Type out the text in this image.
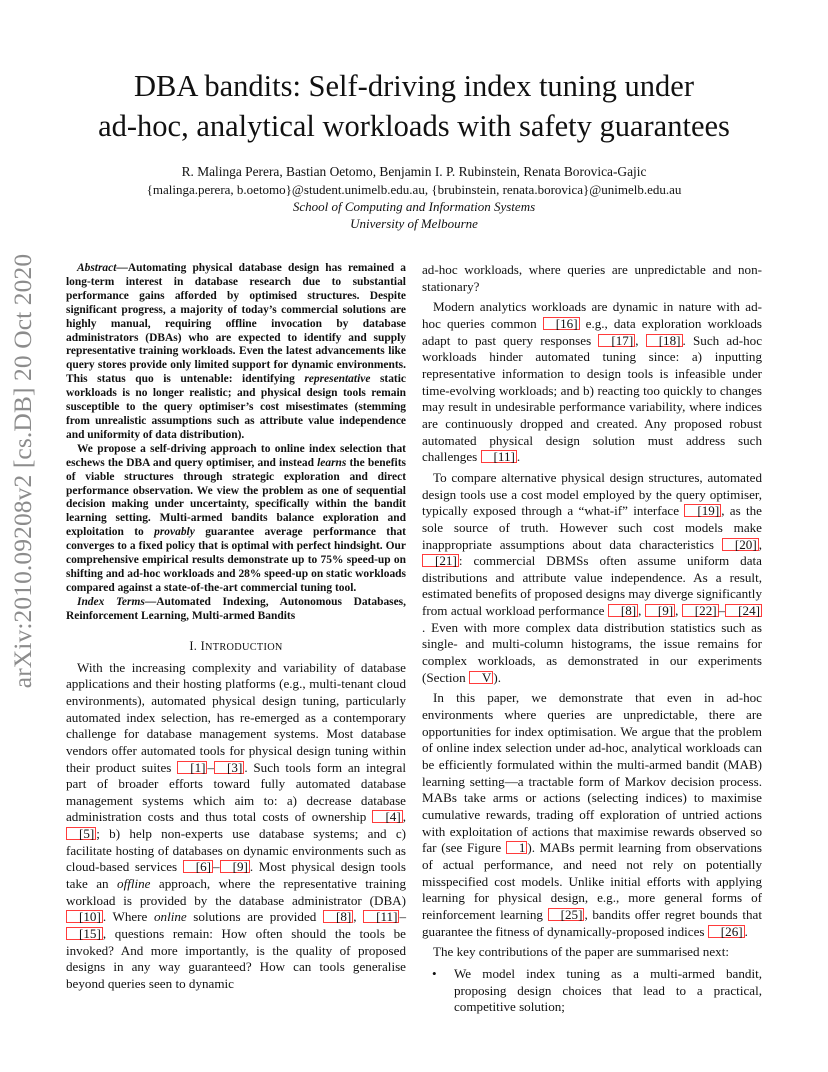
arXiv:2010.09208v2 [cs.DB] 20 Oct 2020
DBA bandits: Self-driving index tuning under
ad-hoc, analytical workloads with safety guarantees
R. Malinga Perera, Bastian Oetomo, Benjamin I. P. Rubinstein, Renata Borovica-Gajic
{malinga.perera, b.oetomo}@student.unimelb.edu.au, {brubinstein, renata.borovica}@unimelb.edu.au
School of Computing and Information Systems
University of Melbourne

Abstract—Automating physical database design has remained a long-term interest in database research due to substantial performance gains afforded by optimised structures. Despite significant progress, a majority of today’s commercial solutions are highly manual, requiring offline invocation by database administrators (DBAs) who are expected to identify and supply representative training workloads. Even the latest advancements like query stores provide only limited support for dynamic environments. This status quo is untenable: identifying representative static workloads is no longer realistic; and physical design tools remain susceptible to the query optimiser’s cost misestimates (stemming from unrealistic assumptions such as attribute value independence and uniformity of data distribution).

We propose a self-driving approach to online index selection that eschews the DBA and query optimiser, and instead learns the benefits of viable structures through strategic exploration and direct performance observation. We view the problem as one of sequential decision making under uncertainty, specifically within the bandit learning setting. Multi-armed bandits balance exploration and exploitation to provably guarantee average performance that converges to a fixed policy that is optimal with perfect hindsight. Our comprehensive empirical results demonstrate up to 75% speed-up on shifting and ad-hoc workloads and 28% speed-up on static workloads compared against a state-of-the-art commercial tuning tool.

Index Terms—Automated Indexing, Autonomous Databases, Reinforcement Learning, Multi-armed Bandits

I. INTRODUCTION

With the increasing complexity and variability of database applications and their hosting platforms (e.g., multi-tenant cloud environments), automated physical design tuning, particularly automated index selection, has re-emerged as a contemporary challenge for database management systems. Most database vendors offer automated tools for physical design tuning within their product suites [1] – [3] . Such tools form an integral part of broader efforts toward fully automated database management systems which aim to: a) decrease database administration costs and thus total costs of ownership [4] , [5] ; b) help non-experts use database systems; and c) facilitate hosting of databases on dynamic environments such as cloud-based services [6] – [9] . Most physical design tools take an offline approach, where the representative training workload is provided by the database administrator (DBA) [10] . Where online solutions are provided [8] , [11] –[15] , questions remain: How often should the tools be invoked? And more importantly, is the quality of proposed designs in any way guaranteed? How can tools generalise beyond queries seen to dynamic

ad-hoc workloads, where queries are unpredictable and non-stationary?

Modern analytics workloads are dynamic in nature with ad-hoc queries common [16] e.g., data exploration workloads adapt to past query responses [17] , [18] . Such ad-hoc workloads hinder automated tuning since: a) inputting representative information to design tools is infeasible under time-evolving workloads; and b) reacting too quickly to changes may result in undesirable performance variability, where indices are continuously dropped and created. Any proposed robust automated physical design solution must address such challenges [11] .

To compare alternative physical design structures, automated design tools use a cost model employed by the query optimiser, typically exposed through a “what-if” interface [19] , as the sole source of truth. However such cost models make inappropriate assumptions about data characteristics [20] , [21] : commercial DBMSs often assume uniform data distributions and attribute value independence. As a result, estimated benefits of proposed designs may diverge significantly from actual workload performance [8] , [9] , [22] – [24]. Even with more complex data distribution statistics such as single- and multi-column histograms, the issue remains for complex workloads, as demonstrated in our experiments (Section V ).

In this paper, we demonstrate that even in ad-hoc environments where queries are unpredictable, there are opportunities for index optimisation. We argue that the problem of online index selection under ad-hoc, analytical workloads can be efficiently formulated within the multi-armed bandit (MAB) learning setting—a tractable form of Markov decision process. MABs take arms or actions (selecting indices) to maximise cumulative rewards, trading off exploration of untried actions with exploitation of actions that maximise rewards observed so far (see Figure 1 ). MABs permit learning from observations of actual performance, and need not rely on potentially misspecified cost models. Unlike initial efforts with applying learning for physical design, e.g., more general forms of reinforcement learning [25] , bandits offer regret bounds that guarantee the fitness of dynamically-proposed indices [26] .

The key contributions of the paper are summarised next:

•	We model index tuning as a multi-armed bandit, proposing design choices that lead to a practical, competitive solution;
